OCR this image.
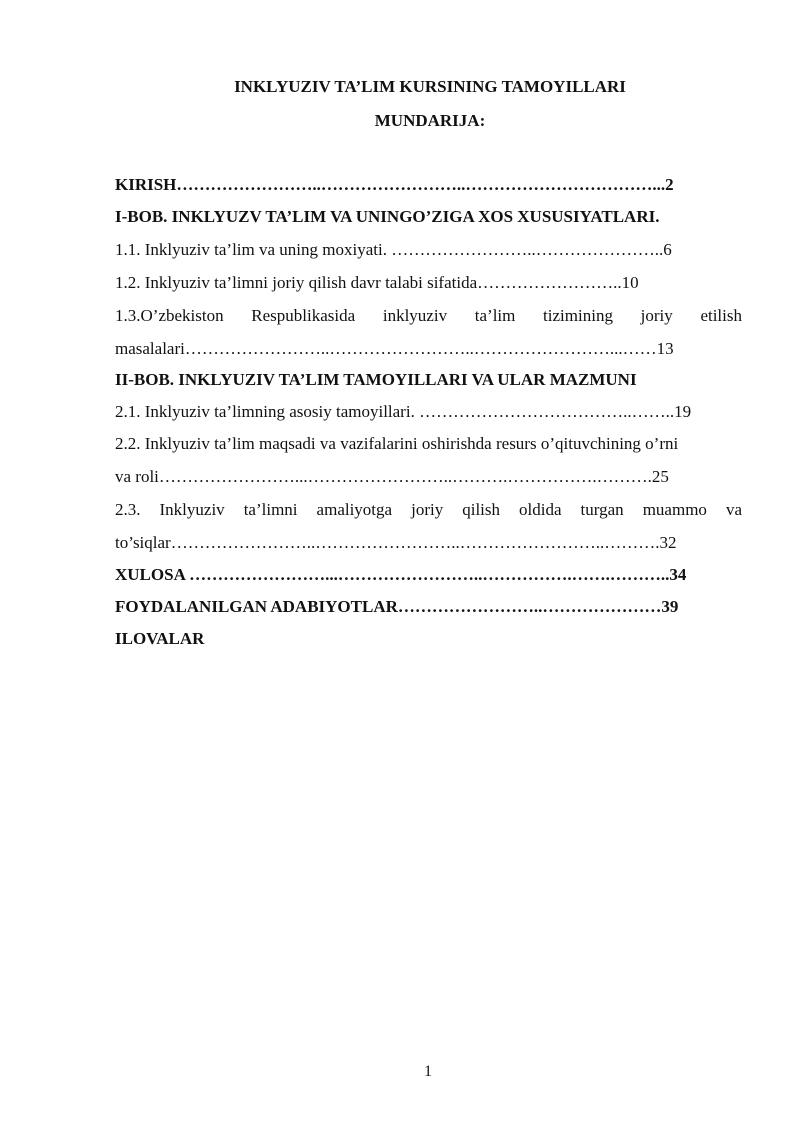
INKLYUZIV TA’LIM KURSINING TAMOYILLARI
MUNDARIJA:
KIRISH……………………..……………………..……………………………...2
I-BOB. INKLYUZV TA’LIM VA UNINGO’ZIGA XOS XUSUSIYATLARI.
1.1. Inklyuziv ta’lim va uning moxiyati. ……………………..…………………..6
1.2. Inklyuziv ta’limni joriy qilish davr talabi sifatida……………………..10
1.3.O’zbekiston Respublikasida inklyuziv ta’lim tizimining joriy etilish
masalalari……………………..……………………..……………………...……13
II-BOB. INKLYUZIV TA’LIM TAMOYILLARI VA ULAR MAZMUNI
2.1. Inklyuziv ta’limning asosiy tamoyillari. ………………………………..……..19
2.2. Inklyuziv ta’lim maqsadi va vazifalarini oshirishda resurs o’qituvchining o’rni
va roli……………………...……………………..……….…………….……….25
2.3. Inklyuziv ta’limni amaliyotga joriy qilish oldida turgan muammo va
to’siqlar……………………..……………………..……………………..……….32
XULOSA ……………………...……………………..…………….…….………..34
FOYDALANILGAN ADABIYOTLAR……………………..…………………39
ILOVALAR
1
